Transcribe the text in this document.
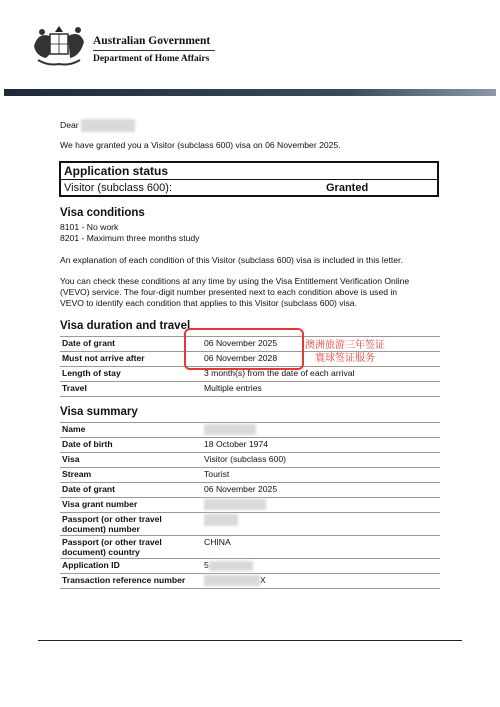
Australian Government
Department of Home Affairs
Dear
We have granted you a Visitor (subclass 600) visa on 06 November 2025.
Application status
Visitor (subclass 600):	Granted
Visa conditions
8101 - No work
8201 - Maximum three months study
An explanation of each condition of this Visitor (subclass 600) visa is included in this letter.
You can check these conditions at any time by using the Visa Entitlement Verification Online
(VEVO) service. The four-digit number presented next to each condition above is used in
VEVO to identify each condition that applies to this Visitor (subclass 600) visa.
Visa duration and travel
Date of grant	06 November 2025
Must not arrive after	06 November 2028
Length of stay	3 month(s) from the date of each arrival
Travel	Multiple entries
澳洲旅游三年签证
寰球签证服务
Visa summary
Name	
Date of birth	18 October 1974
Visa	Visitor (subclass 600)
Stream	Tourist
Date of grant	06 November 2025
Visa grant number	
Passport (or other travel document) number	
Passport (or other travel document) country	CHINA
Application ID	5
Transaction reference number	X
